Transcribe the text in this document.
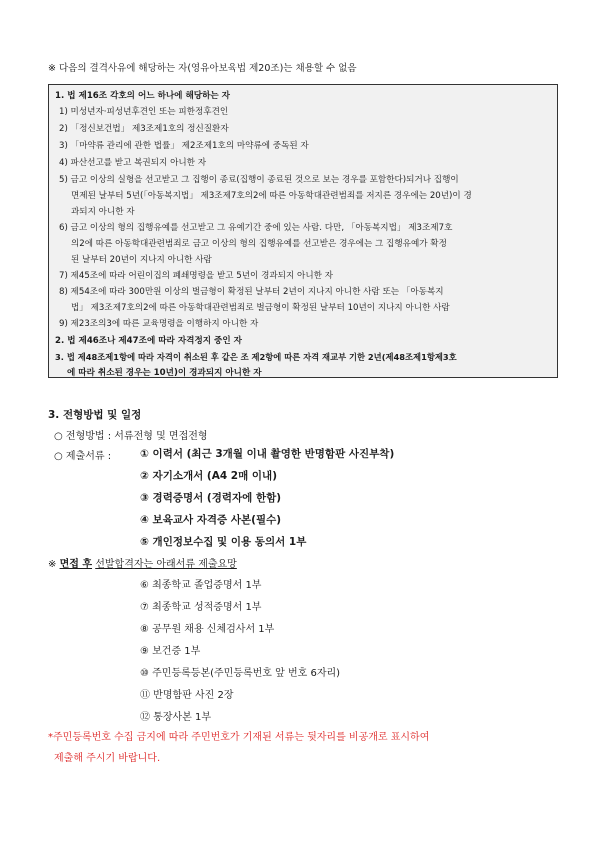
※ 다음의 결격사유에 해당하는 자(영유아보육법 제20조)는 채용할 수 없음
1. 법 제16조 각호의 어느 하나에 해당하는 자
1) 미성년자·피성년후견인 또는 피한정후견인
2) 「정신보건법」 제3조제1호의 정신질환자
3) 「마약류 관리에 관한 법률」 제2조제1호의 마약류에 중독된 자
4) 파산선고를 받고 복권되지 아니한 자
5) 금고 이상의 실형을 선고받고 그 집행이 종료(집행이 종료된 것으로 보는 경우를 포함한다)되거나 집행이
면제된 날부터 5년(「아동복지법」 제3조제7호의2에 따른 아동학대관련범죄를 저지른 경우에는 20년)이 경
과되지 아니한 자
6) 금고 이상의 형의 집행유예를 선고받고 그 유예기간 중에 있는 사람. 다만, 「아동복지법」 제3조제7호
의2에 따른 아동학대관련범죄로 금고 이상의 형의 집행유예를 선고받은 경우에는 그 집행유예가 확정
된 날부터 20년이 지나지 아니한 사람
7) 제45조에 따라 어린이집의 폐쇄명령을 받고 5년이 경과되지 아니한 자
8) 제54조에 따라 300만원 이상의 벌금형이 확정된 날부터 2년이 지나지 아니한 사람 또는 「아동복지
법」 제3조제7호의2에 따른 아동학대관련범죄로 벌금형이 확정된 날부터 10년이 지나지 아니한 사람
9) 제23조의3에 따른 교육명령을 이행하지 아니한 자
2. 법 제46조나 제47조에 따라 자격정지 중인 자
3. 법 제48조제1항에 따라 자격이 취소된 후 같은 조 제2항에 따른 자격 재교부 기한 2년(제48조제1항제3호
에 따라 취소된 경우는 10년)이 경과되지 아니한 자
3. 전형방법 및 일정
○ 전형방법 : 서류전형 및 면접전형
○ 제출서류 :	① 이력서 (최근 3개월 이내 촬영한 반명함판 사진부착)
② 자기소개서 (A4 2매 이내)
③ 경력증명서 (경력자에 한함)
④ 보육교사 자격증 사본(필수)
⑤ 개인정보수집 및 이용 동의서 1부
※ 면접 후 선발합격자는 아래서류 제출요망
⑥ 최종학교 졸업증명서 1부
⑦ 최종학교 성적증명서 1부
⑧ 공무원 채용 신체검사서 1부
⑨ 보건증 1부
⑩ 주민등록등본(주민등록번호 앞 번호 6자리)
⑪ 반명함판 사진 2장
⑫ 통장사본 1부
*주민등록번호 수집 금지에 따라 주민번호가 기재된 서류는 뒷자리를 비공개로 표시하여
제출해 주시기 바랍니다.
